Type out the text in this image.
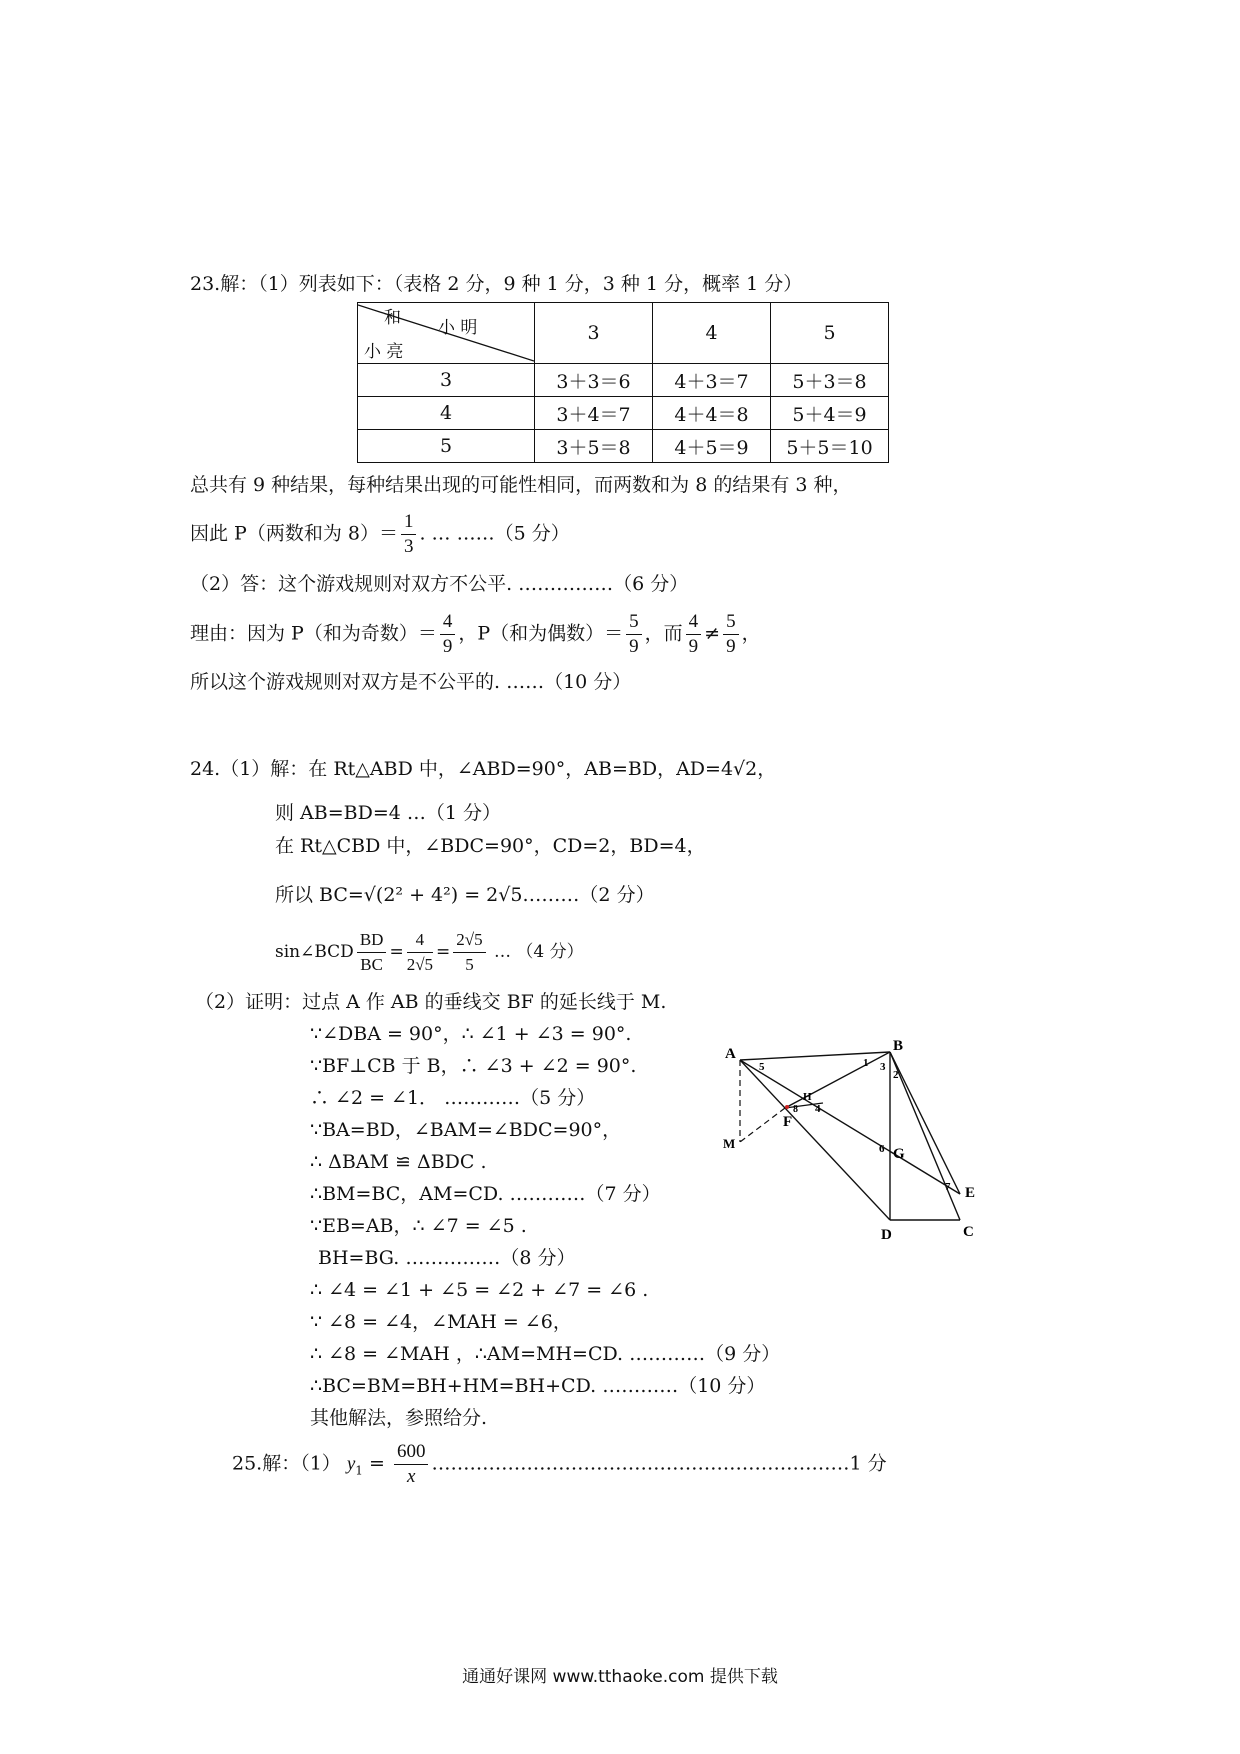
23.解：（1）列表如下：（表格 2 分，9 种 1 分，3 种 1 分，概率 1 分）
和 小 明
小 亮	3	4	5
3	3＋3＝6	4＋3＝7	5＋3＝8
4	3＋4＝7	4＋4＝8	5＋4＝9
5	3＋5＝8	4＋5＝9	5＋5＝10
总共有 9 种结果，每种结果出现的可能性相同，而两数和为 8 的结果有 3 种，
因此 P（两数和为 $8)= \frac{1}{3}$ . … ……（5 分）
（2）答：这个游戏规则对双方不公平. ……………（6 分）
理由：因为 P（和为奇数）＝ $\frac{4}{9}$ ，P（和为偶数）＝ $\frac{5}{9}$ ，而 $\frac{4}{9} \ne \frac{5}{9}$ ，
所以这个游戏规则对双方是不公平的. ……（10 分）
24.（1）解：在 Rt△ABD 中，∠ABD=90°，AB=BD，AD=4√2，
则 AB=BD=4 …（1 分）
在 Rt△CBD 中，∠BDC=90°，CD=2，BD=4，
所以 BC=√(2² + 4²) = 2√5………（2 分）
sin∠BCD $\frac{BD}{BC} = \frac{4}{2√5} = \frac{2√5}{5}$ … （4 分）
（2）证明：过点 A 作 AB 的垂线交 BF 的延长线于 M.
∵∠DBA = 90°，∴ ∠1 + ∠3 = 90°.
∵BF⊥CB 于 B，∴ ∠3 + ∠2 = 90°.
∴ ∠2 = ∠1． …………（5 分）
∵BA=BD，∠BAM=∠BDC=90°，
∴ ΔBAM ≌ ΔBDC .
∴BM=BC，AM=CD. …………（7 分）
∵EB=AB，∴ ∠7 = ∠5 .
BH=BG. ……………（8 分）
∴ ∠4 = ∠1 + ∠5 = ∠2 + ∠7 = ∠6 .
∵ ∠8 = ∠4，∠MAH = ∠6，
∴ ∠8 = ∠MAH ，∴AM=MH=CD. …………（9 分）
∴BC=BM=BH+HM=BH+CD. …………（10 分）
其他解法，参照给分.
A	B
C
D
E
F
G
H
M
1
2
3
4
5
6
7
8
25.解：（1） $y_1 = \frac{600}{x}$ …………………………………………………………1 分
通通好课网 www.tthaoke.com 提供下载
